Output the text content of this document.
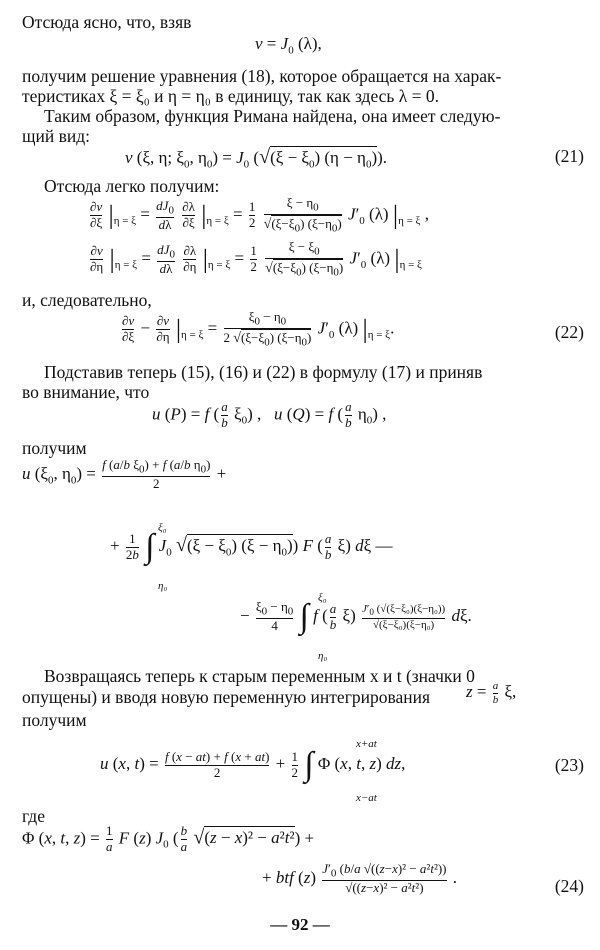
Отсюда ясно, что, взяв
$v = J_0$ (λ),
получим решение уравнения (18), которое обращается на харак-
теристиках ξ = ξ₀ и η = η₀ в единицу, так как здесь λ = 0.
Таким образом, функция Римана найдена, она имеет следую-
щий вид:
v (ξ, η; $\xi_0$, $\eta_0) = J_0$ ($√(\xi - \xi_0)$ $(\eta - \eta_0)$).	(21)
Отсюда легко получим:
$\frac{\partial v}{\partial\xi} |_{\eta = \xi} = \frac{dJ_0}{d\lambda}$
$\frac{\partial\lambda}{\partial\xi} |_{\eta = \xi} = \frac{1}{2}$
$\frac{\xi - \eta_0}{√(\xi-\xi_0) (\xi-\eta_0)} J'_0$ (λ) $|_{\eta = \xi}$ ,
$\frac{\partial v}{\partial\eta} |_{\eta = \xi} = \frac{dJ_0}{d\lambda}$
$\frac{\partial\lambda}{\partial\eta} |_{\eta = \xi} = \frac{1}{2}$
$\frac{\xi - \xi_0}{√(\xi-\xi_0) (\xi-\eta_0)} J'_0$ (λ) $|_{\eta = \xi}$
и, следовательно,
$\frac{\partial v}{\partial\xi} - \frac{\partial v}{\partial\eta} |_{\eta = \xi} = \frac{\xi_0 - \eta_0}{2 √(\xi-\xi_0) (\xi-\eta_0)} J'_0$ (λ) $|_{\eta = \xi}$.	(22)
Подставив теперь (15), (16) и (22) в формулу (17) и приняв
во внимание, что
u (P) = f ( $\frac{a}{b} \xi_0$) ,   u (Q) = f ( $\frac{a}{b} \eta_0$) ,
получим
u ($\xi_0$, $\eta_0) = \frac{f (a/b \xi_0) + f (a/b \eta_0)}{2}$ +
+ $\frac{1}{2b}$ ∫ $J_0$ $√(\xi - \xi_0)$ $(\xi - \eta_0)$) F ( $\frac{a}{b} \xi$) dξ —
ξ₀
η₀
− $\frac{\xi_0 - \eta_0}{4}$ ∫ f ( $\frac{a}{b} \xi) \frac{J'_0 (√(\xi-\xi_0)(\xi-\eta_0))}{\text{√(ξ−ξ₀)(ξ−η₀)}} d\xi$.
ξ₀
η₀
Возвращаясь теперь к старым переменным x и t (значки 0
опущены) и вводя новую переменную интегрирования $z = \frac{a}{b} \xi$,
получим
u (x, $t) = \frac{f (x - at) + f (x + at)}{2} + \frac{1}{2}$ ∫ Φ (x, t, z) dz,
x+at
x−at
(23)
где
Φ (x, t, $z) = \frac{1}{a}$ F (z) $J_0$ ( $\frac{b}{a} √(z - x)^2 - a^2t^2$) +
+ btf $(z) \frac{J'_0 (b/a √((z-x)^2 - a^2t^2))}{\text{√((z−x)² − a²t²)}}$ .	(24)
— 92 —
